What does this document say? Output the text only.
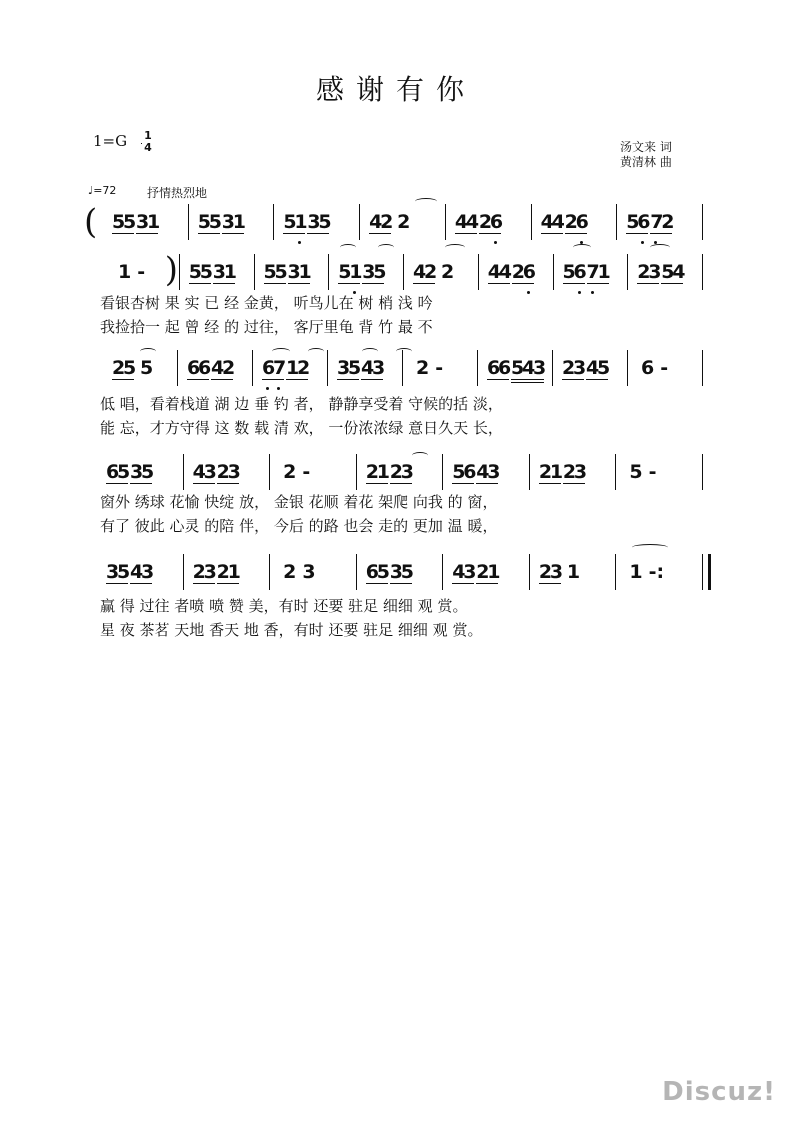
感谢有你
1=G 1
4	汤文来 词
黄清林 曲
♩=72	抒情热烈地
Discuz!
( 5
5
3
1 5
5
3
1 5
1
3
5 4
2 2 4
4
2
6 4
4
2
6 5
6
7
2
1 - 5
5
3
1 5
5
3
1 5
1
3
5 4
2 2 4
4
2
6 5
6
7
1 2
3
5
4
)
看银杏树 果 实 已 经 金黄， 听鸟儿在 树 梢 浅 吟
我捡拾一 起 曾 经 的 过往， 客厅里龟 背 竹 最 不
2
5 5 6
6
4
2 6
7
1
2 3
5
4
3 2 - 6
6
5
4
3 2
3
4
5 6 -
低 唱，看着栈道 湖 边 垂 钓 者， 静静享受着 守候的括 淡，
能 忘，才方守得 这 数 载 清 欢， 一份浓浓绿 意日久天 长，
6
5
3
5 4
3
2
3 2 -	2
1
2
3 5
6
4
3 2
1
2
3 5 -
窗外 绣球 花愉 快绽 放， 金银 花顺 着花 架爬 向我 的 窗，
有了 彼此 心灵 的陪 伴， 今后 的路 也会 走的 更加 温 暖，
3
5
4
3 2
3
2
1 2 3	6
5
3
5 4
3
2
1 2
3 1	1 -:
赢 得 过往 者喷 喷 赞 美，有时 还要 驻足 细细 观 赏。
星 夜 茶茗 天地 香天 地 香，有时 还要 驻足 细细 观 赏。
